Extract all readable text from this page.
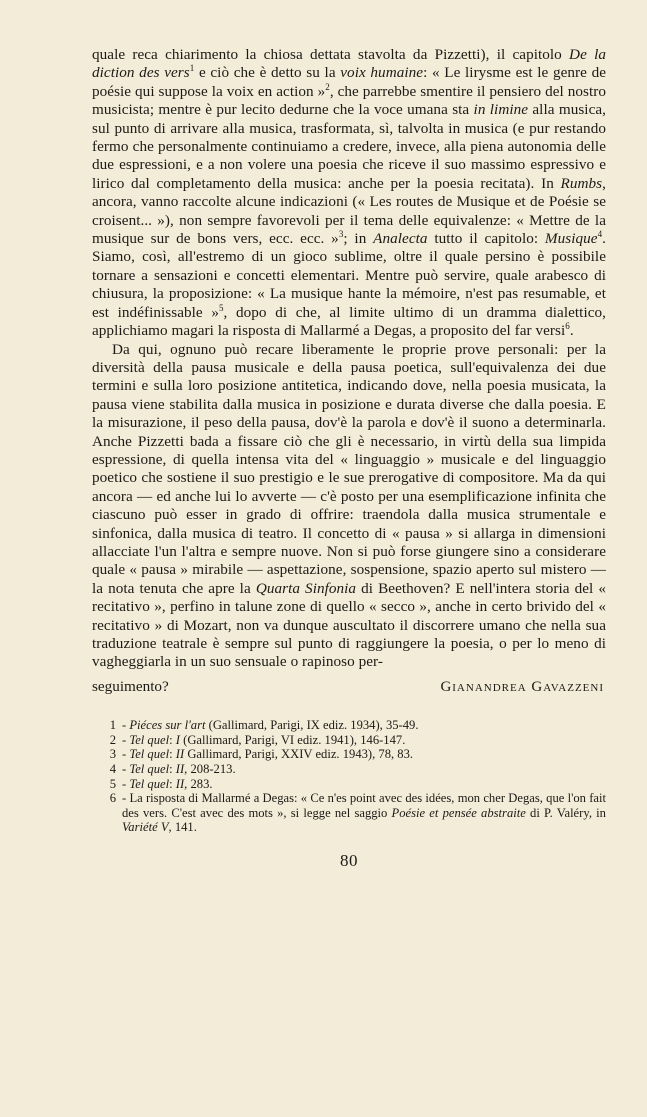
quale reca chiarimento la chiosa dettata stavolta da Pizzetti), il capitolo De la diction des vers$^1$ e ciò che è detto su la voix humaine: « Le lirysme est le genre de poésie qui suppose la voix en action »$^2$, che parrebbe smentire il pensiero del nostro musicista; mentre è pur lecito dedurne che la voce umana sta in limine alla musica, sul punto di arrivare alla musica, trasformata, sì, talvolta in musica (e pur restando fermo che personalmente continuiamo a credere, invece, alla piena autonomia delle due espressioni, e a non volere una poesia che riceve il suo massimo espressivo e lirico dal completamento della musica: anche per la poesia recitata). In Rumbs, ancora, vanno raccolte alcune indicazioni (« Les routes de Musique et de Poésie se croisent... »), non sempre favorevoli per il tema delle equivalenze: « Mettre de la musique sur de bons vers, ecc. ecc. »$^3$; in Analecta tutto il capitolo: Musique$^4$. Siamo, così, all'estremo di un gioco sublime, oltre il quale persino è possibile tornare a sensazioni e concetti elementari. Mentre può servire, quale arabesco di chiusura, la proposizione: « La musique hante la mémoire, n'est pas resumable, et est indéfinissable »$^5$, dopo di che, al limite ultimo di un dramma dialettico, applichiamo magari la risposta di Mallarmé a Degas, a proposito del far versi$^6$.

Da qui, ognuno può recare liberamente le proprie prove personali: per la diversità della pausa musicale e della pausa poetica, sull'equivalenza dei due termini e sulla loro posizione antitetica, indicando dove, nella poesia musicata, la pausa viene stabilita dalla musica in posizione e durata diverse che dalla poesia. E la misurazione, il peso della pausa, dov'è la parola e dov'è il suono a determinarla. Anche Pizzetti bada a fissare ciò che gli è necessario, in virtù della sua limpida espressione, di quella intensa vita del « linguaggio » musicale e del linguaggio poetico che sostiene il suo prestigio e le sue prerogative di compositore. Ma da qui ancora — ed anche lui lo avverte — c'è posto per una esemplificazione infinita che ciascuno può esser in grado di offrire: traendola dalla musica strumentale e sinfonica, dalla musica di teatro. Il concetto di « pausa » si allarga in dimensioni allacciate l'un l'altra e sempre nuove. Non si può forse giungere sino a considerare quale « pausa » mirabile — aspettazione, sospensione, spazio aperto sul mistero — la nota tenuta che apre la Quarta Sinfonia di Beethoven? E nell'intera storia del « recitativo », perfino in talune zone di quello « secco », anche in certo brivido del « recitativo » di Mozart, non va dunque auscultato il discorrere umano che nella sua traduzione teatrale è sempre sul punto di raggiungere la poesia, o per lo meno di vagheggiarla in un suo sensuale o rapinoso per-

seguimento?	Gianandrea Gavazzeni
1 - Piéces sur l'art (Gallimard, Parigi, IX ediz. 1934), 35-49.
2 - Tel quel: I (Gallimard, Parigi, VI ediz. 1941), 146-147.
3 - Tel quel: II Gallimard, Parigi, XXIV ediz. 1943), 78, 83.
4 - Tel quel: II, 208-213.
5 - Tel quel: II, 283.
6 - La risposta di Mallarmé a Degas: « Ce n'es point avec des idées, mon cher Degas, que l'on fait des vers. C'est avec des mots », si legge nel saggio Poésie et pensée abstraite di P. Valéry, in Variété V, 141.
80
